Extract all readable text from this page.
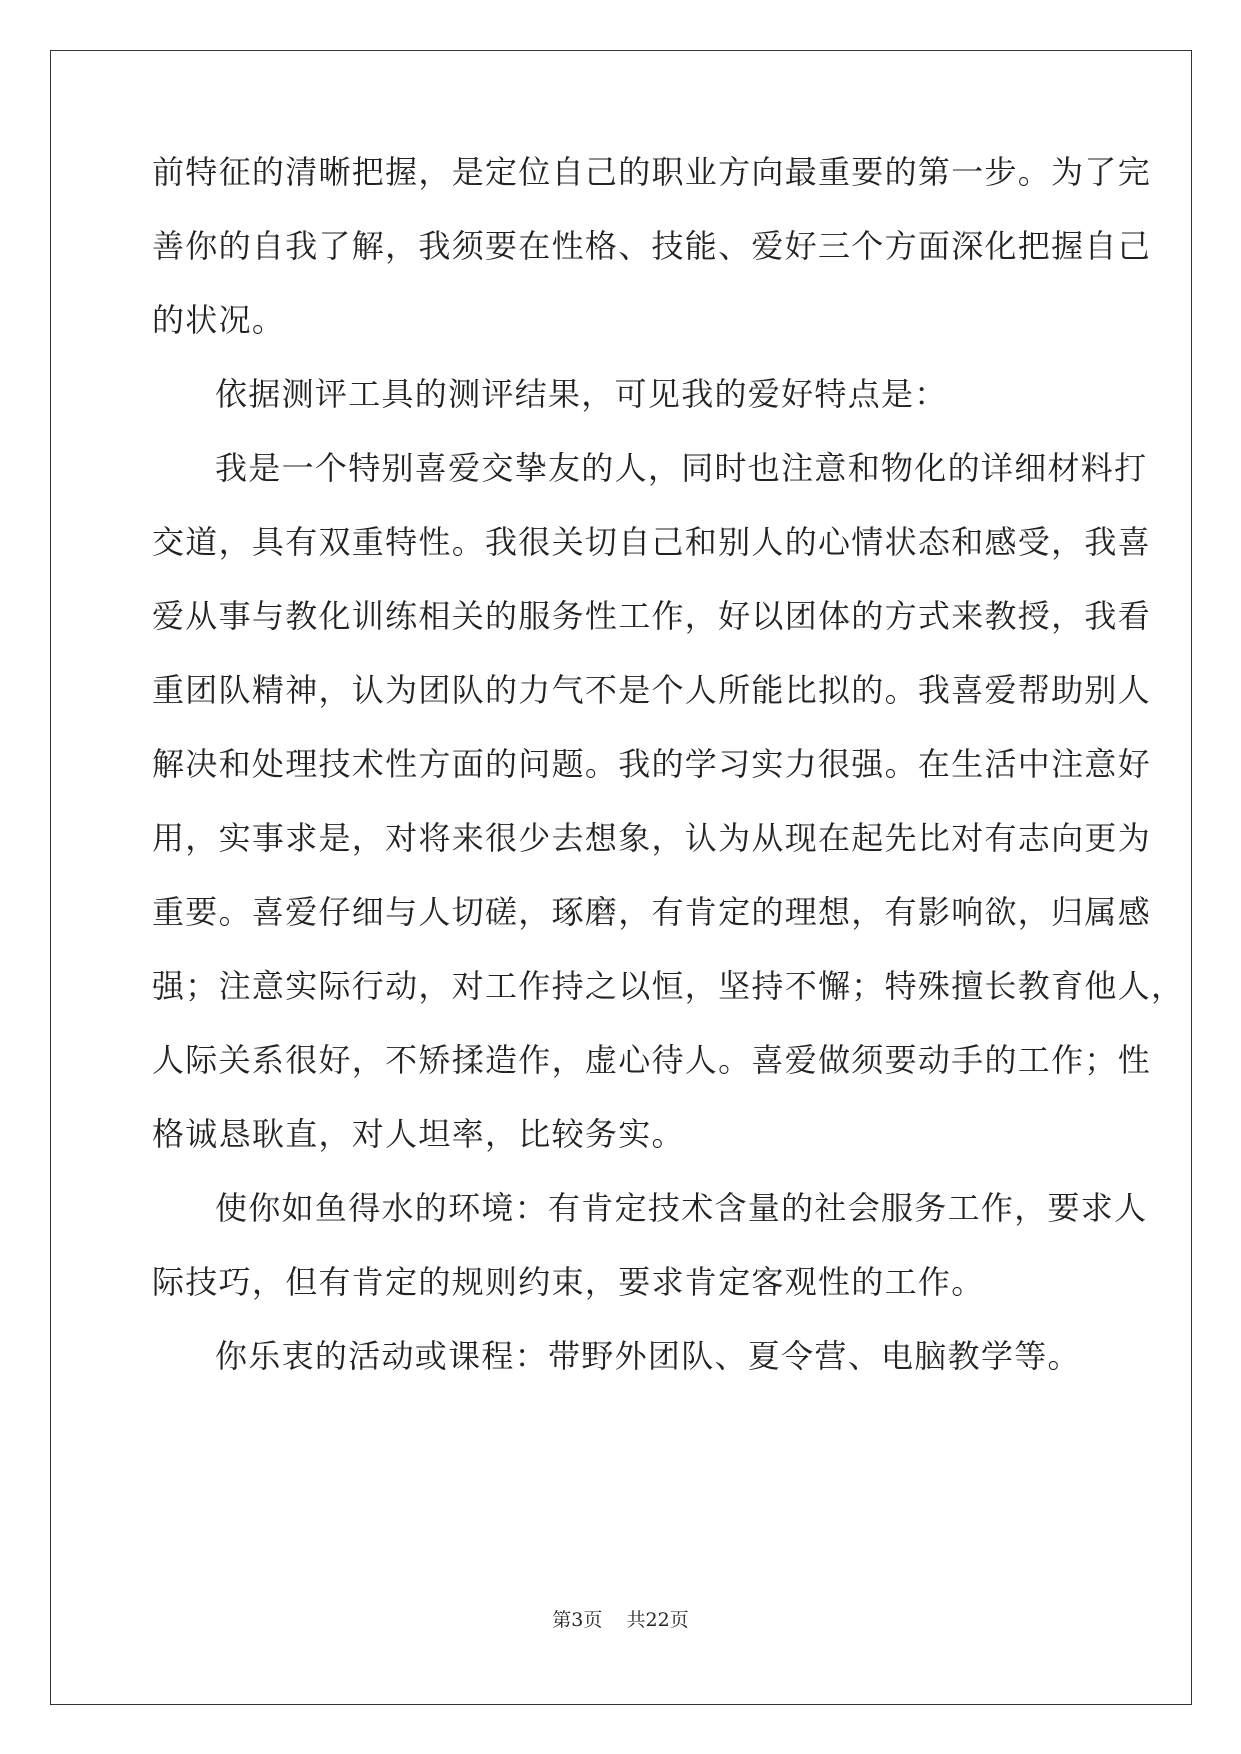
前特征的清晰把握，是定位自己的职业方向最重要的第一步。为了完
善你的自我了解，我须要在性格、技能、爱好三个方面深化把握自己
的状况。
依据测评工具的测评结果，可见我的爱好特点是：
我是一个特别喜爱交挚友的人，同时也注意和物化的详细材料打
交道，具有双重特性。我很关切自己和别人的心情状态和感受，我喜
爱从事与教化训练相关的服务性工作，好以团体的方式来教授，我看
重团队精神，认为团队的力气不是个人所能比拟的。我喜爱帮助别人
解决和处理技术性方面的问题。我的学习实力很强。在生活中注意好
用，实事求是，对将来很少去想象，认为从现在起先比对有志向更为
重要。喜爱仔细与人切磋，琢磨，有肯定的理想，有影响欲，归属感
强；注意实际行动，对工作持之以恒，坚持不懈；特殊擅长教育他人，
人际关系很好，不矫揉造作，虚心待人。喜爱做须要动手的工作；性
格诚恳耿直，对人坦率，比较务实。
使你如鱼得水的环境：有肯定技术含量的社会服务工作，要求人
际技巧，但有肯定的规则约束，要求肯定客观性的工作。
你乐衷的活动或课程：带野外团队、夏令营、电脑教学等。
第3页 共22页
